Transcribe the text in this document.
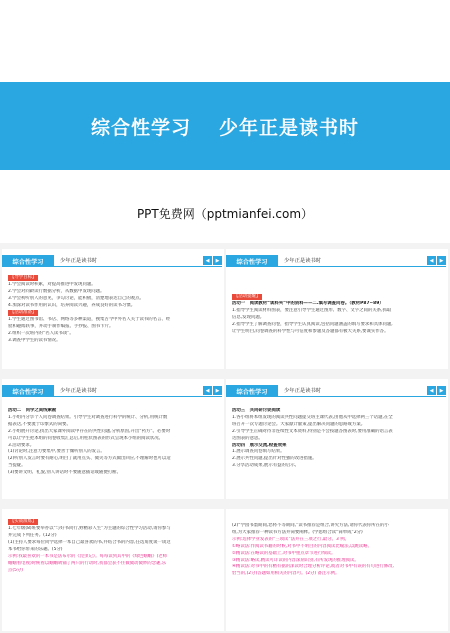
综合性学习 少年正是读书时
PPT免费网（pptmianfei.com）
综合性学习	少年正是读书时	◀	▶
【导学目标】

1.学会阅读时积累，对提高推进中发现问题。

2.学会对同龄读行数据分析，从数据中发现问题。

3.学会初听别人的意见，争勾讨论，能积极，清楚地表达自己的观点。

4.加深对读书作用的认识，培养阅读兴趣，养成良好的读书习惯。

【活动准备】

1.学生通过图书馆、书店、网络等多种渠道，搜集古今中外名人关于读书的名言、经

验和趣闻轶事，并动手制作编报、手抄报、图书卡片。

2.组织一次班内的“名人读书谈”。

3.调查中学生的读书情况。

综合性学习	少年正是读书时	◀	▶
【活动提醒】

活动一　阅读教材“谈料夹”中的资料——二.填写调查问卷。（教材P87~89）

1.指导学生阅读材料图表，要注意引导学生通过图形、数字、文字之间的关系,抓取

信息,发现问题。

2.指导学生了解调查问卷，指导学生认真阅读,包括问题涵盖的填写要求和具体问题,

让学生明白,问卷调查的科学性与可信度和参题及答题都有极大关系,要诚实作答。

综合性学习	少年正是读书时	◀	▶

活动二　同学之间线索勘

1.小组内分享个人问卷调查结果。引导学生对调查进行科学的统计、分析,用统计数

据表达,不要流于印象式的简要。

2.小组展开讨论,找出大家课外阅读中存在的共性问题,分析原因,开出“药方”。必要时

可以让学生把本组的问卷收集汇总后,用柱状图表的形式呈现本小组的阅读状况。

3.活动要求。

(1)讨论时,注意力要集中,要善于倾听别人的发言。

(2)听别人发言时要有耐心,明白了就用点头、微笑等方式做出回应,不理解时也可以适

当提疑。

(3)要讲文明、礼貌,别人讲话时不要随意插话或随便打断。

综合性学习	少年正是读书时	◀	▶

活动三　共同研讨促阅读

1.各小组将本组发现的阅读共性问题提交班主课代表,由他从中选择两三个话题,在全

班召开一次专题讨论会。大家献计献策,提出解决问题的思路或方案。

2.引导学生正确对待非连续性文本资料,特别是不会按题答图表时,要用准确的语言表

达图表的意思。

活动四　展示交流,检查效果

1.展示调查问卷填写结果。

2.展示共性问题,提出针对性强的改进措施。

3.分享活动成果,展示有益的启示。

【实战演练】

1.七年级(8)班要举办以“与好书同行,野精彩人生”为主题的综合性学习活动,请你参与

并完成下列任务。(12分)

(1)主持人要求每位同学选择一本自己最喜欢的书,并结合书的内容,任选角度谈一谈这

本书给你带来的乐趣。(5分)

示例:我最喜欢的一本书是法布尔的《昆虫记》。每每读到其中的《绿色蝈蝈》(老师

蝈蝈看电视)时候看以蝈蝈吸铺了两只的行动时,我都会获不住微微动微妙的念趣,乐

点(5分)

(2)“学园书墨期间,您将不等期间,”读书推荐是组合,讲究方法,请你代表你所在的小

组,为大家推荐一种读书方法并简要阐释。(学思组合读“简单成”2分)

示例:选择学业发表的“三项读”法并在三项之行,最分。3 例。

①略读法:作阅读书籍的时候,对书中不明白的内容阅读比喻法,以跳读略。

②精读法:在略读的基础上,对书中重点章节进行细读。

③精读法:略读,精读可详读的内容深刻识别,有所发现的推理阅读。

④精读法:对书中的有精有据的深读时合理分析评论,或者对书中有误的有句进行修改,

恰当的,(2分)答题如用相关的内容可。(2分) 备注示例。
